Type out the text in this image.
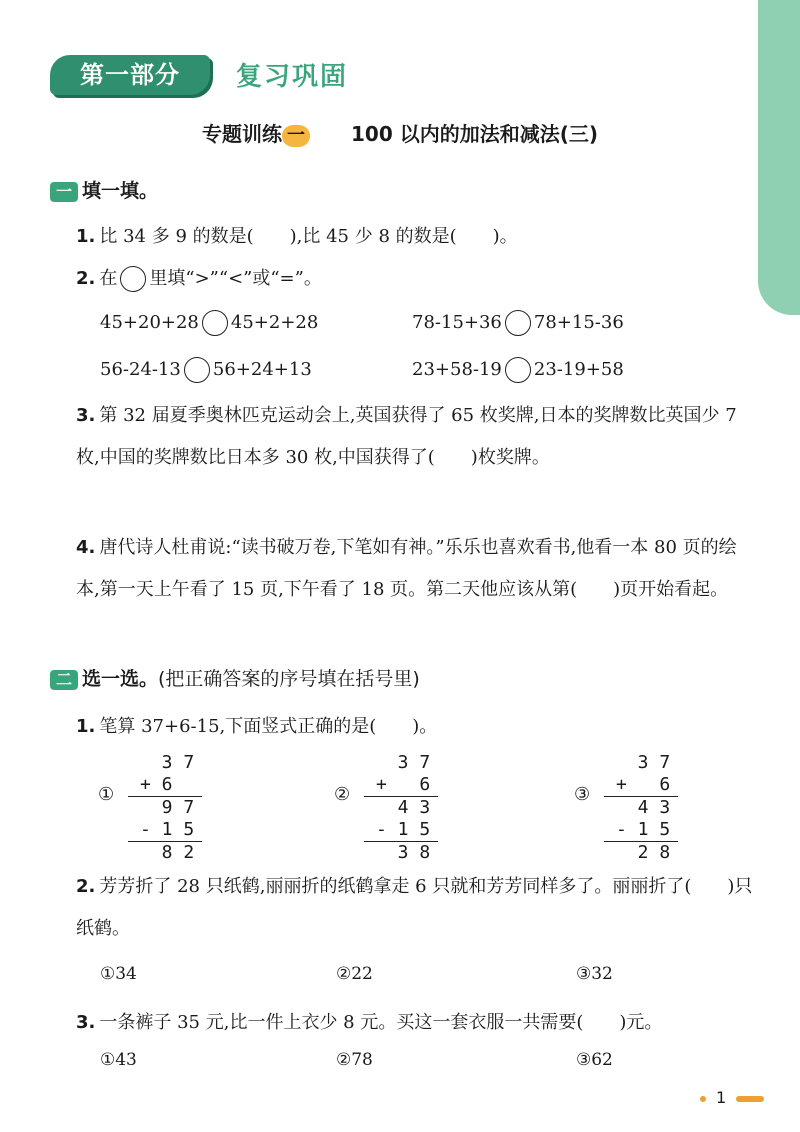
第一部分	复习巩固
专题训练 一 100 以内的加法和减法(三)
一 填一填。
1. 比 34 多 9 的数是(　　),比 45 少 8 的数是(　　)。
2. 在 里填“>”“<”或“=”。
45+20+28 45+2+28	78-15+36 78+15-36
56-24-13 56+24+13	23+58-19 23-19+58
3. 第 32 届夏季奥林匹克运动会上,英国获得了 65 枚奖牌,日本的奖牌数比英国少 7 枚,中国的奖牌数比日本多 30 枚,中国获得了(　　)枚奖牌。
4. 唐代诗人杜甫说:“读书破万卷,下笔如有神。”乐乐也喜欢看书,他看一本 80 页的绘本,第一天上午看了 15 页,下午看了 18 页。第二天他应该从第(　　)页开始看起。
二 选一选。(把正确答案的序号填在括号里)
1. 笔算 37+6-15,下面竖式正确的是(　　)。
①
3 7
+ 6
9 7
- 1 5
8 2
②
3 7
+   6
4 3
- 1 5
3 8
③
3 7
+   6
4 3
- 1 5
2 8
2. 芳芳折了 28 只纸鹤,丽丽折的纸鹤拿走 6 只就和芳芳同样多了。丽丽折了(　　)只纸鹤。
①34	②22	③32
3. 一条裤子 35 元,比一件上衣少 8 元。买这一套衣服一共需要(　　)元。
①43	②78	③62
1
